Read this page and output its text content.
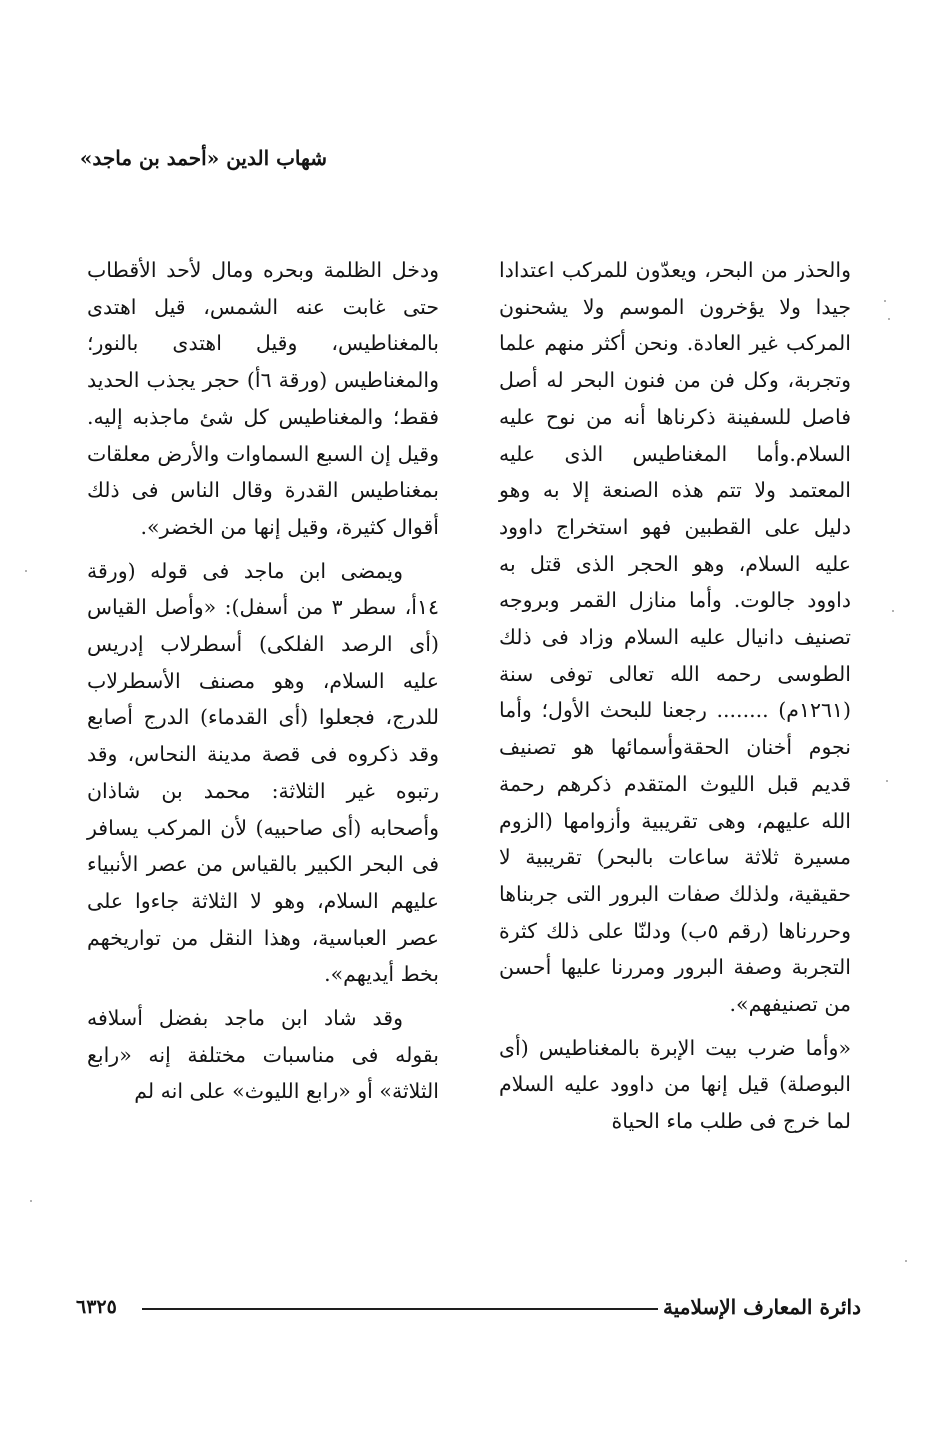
شهاب الدين «أحمد بن ماجد»

والحذر من البحر، ويعدّون للمركب اعتدادا جيدا ولا يؤخرون الموسم ولا يشحنون المركب غير العادة. ونحن أكثر منهم علما وتجربة، وكل فن من فنون البحر له أصل فاصل للسفينة ذكرناها أنه من نوح عليه السلام.وأما المغناطيس الذى عليه المعتمد ولا تتم هذه الصنعة إلا به وهو دليل على القطبين فهو استخراج داوود عليه السلام، وهو الحجر الذى قتل به داوود جالوت. وأما منازل القمر وبروجه تصنيف دانيال عليه السلام وزاد فى ذلك الطوسى رحمه الله تعالى توفى سنة (١٢٦١م) ........ رجعنا للبحث الأول؛ وأما نجوم أخنان الحقةوأسمائها هو تصنيف قديم قبل الليوث المتقدم ذكرهم رحمة الله عليهم، وهى تقريبية وأزوامها (الزوم مسيرة ثلاثة ساعات بالبحر) تقريبية لا حقيقية، ولذلك صفات البرور التى جربناها وحررناها (رقم ٥ب) ودلنّا على ذلك كثرة التجربة وصفة البرور ومررنا عليها أحسن من تصنيفهم».

«وأما ضرب بيت الإبرة بالمغناطيس (أى البوصلة) قيل إنها من داوود عليه السلام لما خرج فى طلب ماء الحياة

ودخل الظلمة وبحره ومال لأحد الأقطاب حتى غابت عنه الشمس، قيل اهتدى بالمغناطيس، وقيل اهتدى بالنور؛ والمغناطيس (ورقة ٦أ) حجر يجذب الحديد فقط؛ والمغناطيس كل شئ ماجذبه إليه. وقيل إن السبع السماوات والأرض معلقات بمغناطيس القدرة وقال الناس فى ذلك أقوال كثيرة، وقيل إنها من الخضر».

ويمضى ابن ماجد فى قوله (ورقة ١٤أ، سطر ٣ من أسفل): «وأصل القياس (أى الرصد الفلكى) أسطرلاب إدريس عليه السلام، وهو مصنف الأسطرلاب للدرج، فجعلوا (أى القدماء) الدرج أصابع وقد ذكروه فى قصة مدينة النحاس، وقد رتبوه غير الثلاثة: محمد بن شاذان وأصحابه (أى صاحبيه) لأن المركب يسافر فى البحر الكبير بالقياس من عصر الأنبياء عليهم السلام، وهو لا الثلاثة جاءوا على عصر العباسية، وهذا النقل من تواريخهم بخط أيديهم».

وقد شاد ابن ماجد بفضل أسلافه بقوله فى مناسبات مختلفة إنه «رابع الثلاثة» أو «رابع الليوث» على انه لم

دائرة المعارف الإسلامية
٦٣٢٥
